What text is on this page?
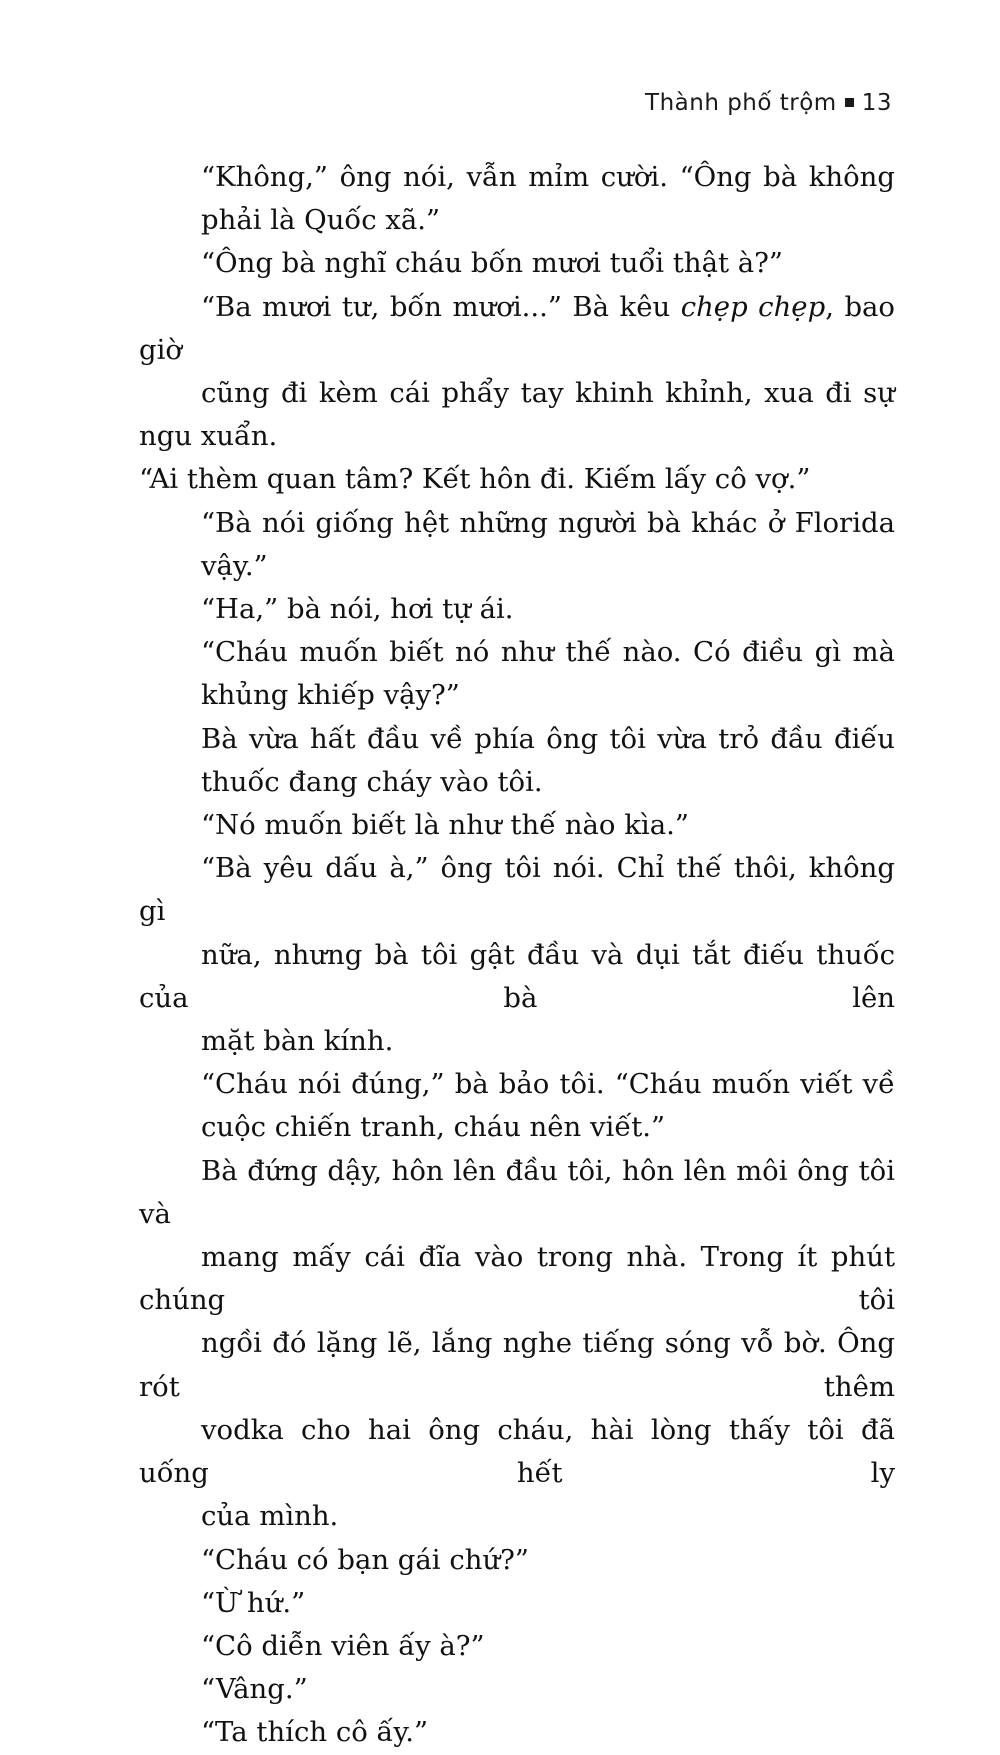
Thành phố trộm 13

“Không,” ông nói, vẫn mỉm cười. “Ông bà không
phải là Quốc xã.”

“Ông bà nghĩ cháu bốn mươi tuổi thật à?”

“Ba mươi tư, bốn mươi...” Bà kêu chẹp chẹp, bao giờ
cũng đi kèm cái phẩy tay khinh khỉnh, xua đi sự ngu xuẩn.

“Ai thèm quan tâm? Kết hôn đi. Kiếm lấy cô vợ.”

“Bà nói giống hệt những người bà khác ở Florida
vậy.”

“Ha,” bà nói, hơi tự ái.

“Cháu muốn biết nó như thế nào. Có điều gì mà
khủng khiếp vậy?”

Bà vừa hất đầu về phía ông tôi vừa trỏ đầu điếu
thuốc đang cháy vào tôi.

“Nó muốn biết là như thế nào kìa.”

“Bà yêu dấu à,” ông tôi nói. Chỉ thế thôi, không gì
nữa, nhưng bà tôi gật đầu và dụi tắt điếu thuốc của bà lên
mặt bàn kính.

“Cháu nói đúng,” bà bảo tôi. “Cháu muốn viết về
cuộc chiến tranh, cháu nên viết.”

Bà đứng dậy, hôn lên đầu tôi, hôn lên môi ông tôi và
mang mấy cái đĩa vào trong nhà. Trong ít phút chúng tôi
ngồi đó lặng lẽ, lắng nghe tiếng sóng vỗ bờ. Ông rót thêm
vodka cho hai ông cháu, hài lòng thấy tôi đã uống hết ly
của mình.

“Cháu có bạn gái chứ?”

“Ừ hứ.”

“Cô diễn viên ấy à?”

“Vâng.”

“Ta thích cô ấy.”
